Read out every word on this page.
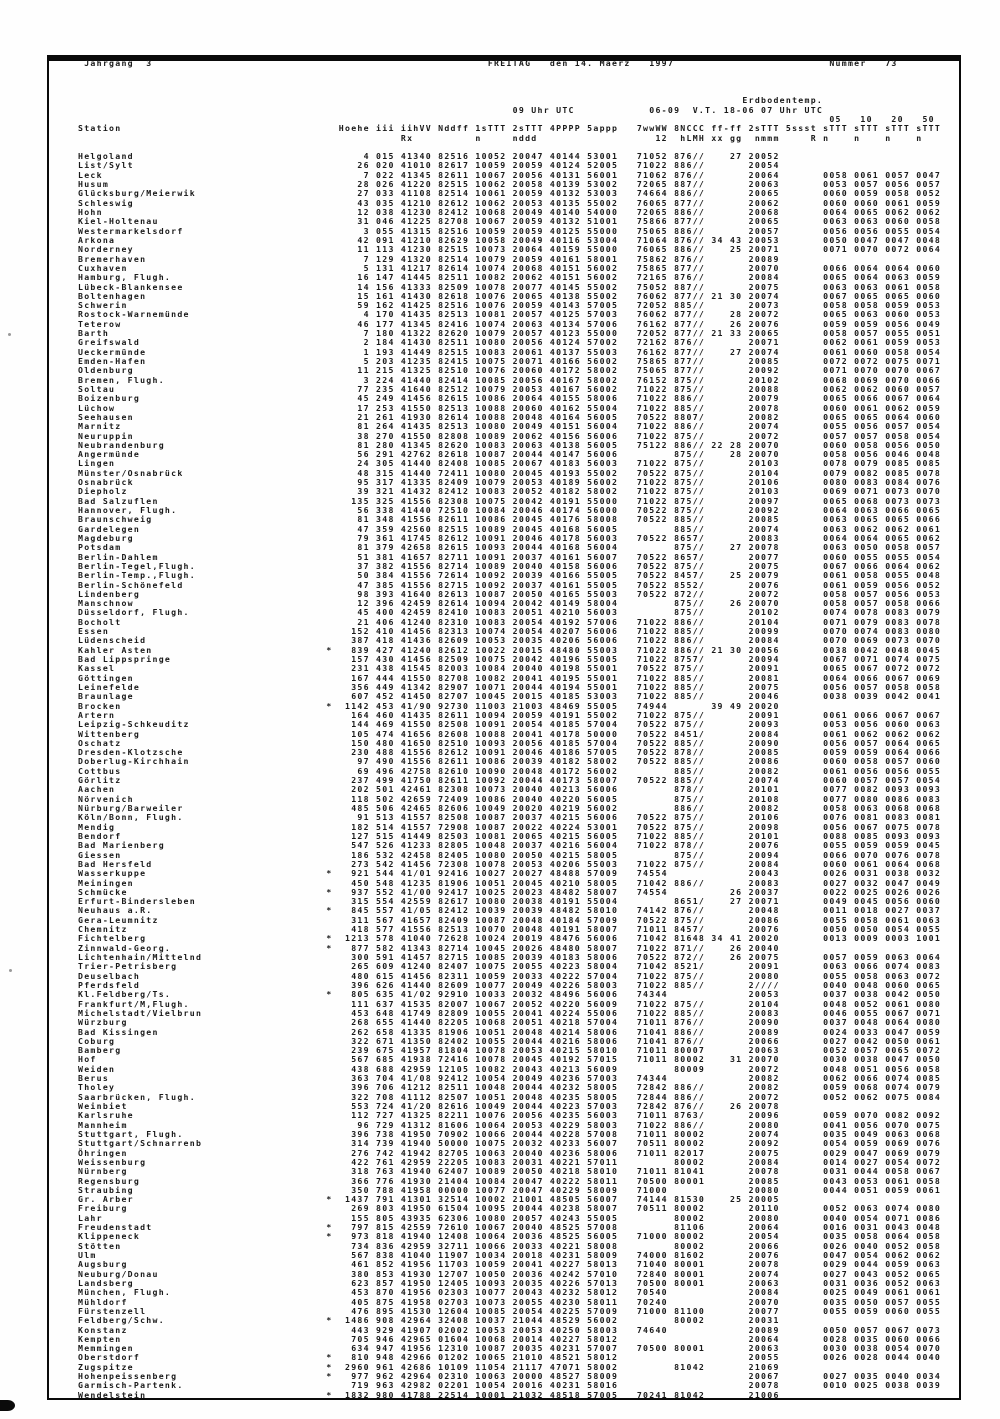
Jahrgang  3                                                      FREITAG   den 14. Maerz   1997                         Nummer   73

Erdbodentemp.
09 Uhr UTC            06-09  V.T. 18-06 07 Uhr UTC
05   10   20   50
Station                                   Hoehe iii iihVV Nddff 1sTTT 2sTTT 4PPPP 5appp   7wwWW 8NCCC ff-ff 2sTTT 5ssst sTTT sTTT sTTT sTTT
Rx          n     nddd                   12  hLMH xx gg  nmmm     R n    n    n    n

Helgoland                                     4 015 41340 82516 10052 20047 40144 53001   71052 876//    27 20052
List/Sylt                                    26 020 41010 82617 10059 20059 40124 52005   71022 886//       20054
Leck                                          7 022 41345 82611 10067 20056 40131 56001   71062 876//       20064       0058 0061 0057 0047
Husum                                        28 026 41220 82515 10062 20058 40139 53002   72065 887//       20063       0053 0057 0056 0057
Glücksburg/Meierwik                          27 033 41108 82514 10061 20059 40132 53003   74664 886//       20065       0060 0059 0058 0052
Schleswig                                    43 035 41210 82612 10062 20053 40135 55002   76065 877//       20062       0060 0060 0061 0059
Hohn                                         12 038 41230 82412 10068 20049 40140 54000   72065 886//       20068       0064 0065 0062 0062
Kiel-Holtenau                                31 046 41225 82708 10067 20059 40132 51001   75866 877//       20065       0063 0063 0060 0058
Westermarkelsdorf                             3 055 41315 82516 10059 20059 40125 55000   75065 886//       20057       0056 0056 0055 0054
Arkona                                       42 091 41210 82629 10058 20049 40116 53004   71064 876// 34 43 20053       0050 0047 0047 0048
Norderney                                    11 113 41230 82515 10073 20064 40159 55000   76065 886//    25 20071       0071 0070 0072 0064
Bremerhaven                                   7 129 41320 82514 10079 20059 40161 58001   75862 876//       20089
Cuxhaven                                      5 131 41217 82614 10074 20068 40151 56002   75865 877//       20070       0066 0064 0064 0060
Hamburg, Flugh.                              16 147 41445 82511 10082 20062 40151 56002   72165 876//       20084       0065 0064 0063 0059
Lübeck-Blankensee                            14 156 41333 82509 10078 20077 40145 55002   75052 887//       20075       0063 0063 0061 0058
Boltenhagen                                  15 161 41430 82618 10076 20065 40138 55002   76062 877// 21 30 20074       0067 0065 0065 0060
Schwerin                                     59 162 41425 82516 10076 20059 40143 57005   72052 885//       20073       0058 0058 0059 0053
Rostock-Warnemünde                            4 170 41435 82513 10081 20057 40125 57003   76062 877//    28 20072       0065 0063 0060 0053
Teterow                                      46 177 41345 82416 10074 20063 40134 57006   76162 877//    26 20076       0059 0059 0056 0049
Barth                                         7 180 41322 82620 10079 20057 40123 55000   72052 877// 21 33 20065       0058 0057 0055 0051
Greifswald                                    2 184 41430 82511 10080 20056 40124 57002   72162 876//       20071       0062 0061 0059 0053
Ueckermünde                                   1 193 41449 82515 10083 20061 40137 55003   76162 877//    27 20074       0061 0060 0058 0054
Emden-Hafen                                   5 203 41235 82415 10075 20071 40166 56002   75865 877//       20085       0072 0072 0075 0071
Oldenburg                                    11 215 41325 82510 10076 20060 40172 58002   75065 877//       20092       0071 0070 0070 0067
Bremen, Flugh.                                3 224 41440 82414 10085 20056 40167 58002   76152 875//       20102       0068 0069 0070 0066
Soltau                                       77 235 41640 82512 10079 20053 40167 56002   71022 875//       20088       0062 0062 0060 0057
Boizenburg                                   45 249 41456 82615 10086 20064 40155 58006   71022 886//       20079       0065 0066 0067 0064
Lüchow                                       17 253 41550 82513 10088 20060 40162 55004   71022 885//       20078       0060 0061 0062 0059
Seehausen                                    21 261 41930 82614 10088 20048 40164 56005   70522 8807/       20082       0065 0065 0064 0060
Marnitz                                      81 264 41435 82513 10080 20049 40151 56004   71022 886//       20074       0055 0056 0057 0054
Neuruppin                                    38 270 41550 82808 10089 20062 40156 56006   71022 875//       20072       0057 0057 0058 0054
Neubrandenburg                               81 280 41345 82620 10083 20063 40138 56005   75122 886// 22 28 20070       0060 0058 0056 0050
Angermünde                                   56 291 42762 82618 10087 20044 40147 56006         875//    28 20070       0058 0056 0046 0048
Lingen                                       24 305 41440 82408 10085 20067 40183 56003   71022 875//       20103       0078 0079 0085 0085
Münster/Osnabrück                            48 315 41440 72411 10080 20045 40193 55002   70522 875//       20104       0079 0082 0085 0078
Osnabrück                                    95 317 41335 82409 10079 20053 40189 56002   71022 875//       20106       0080 0083 0084 0076
Diepholz                                     39 321 41432 82412 10083 20052 40182 58002   71022 875//       20103       0069 0071 0073 0070
Bad Salzuflen                               135 325 41556 82308 10075 20042 40191 55000   71022 875//       20097       0065 0068 0073 0073
Hannover, Flugh.                             56 338 41440 72510 10084 20046 40174 56000   70522 875//       20092       0064 0063 0066 0065
Braunschweig                                 81 348 41556 82611 10086 20045 40176 58008   70522 885//       20085       0063 0065 0065 0066
Gardelegen                                   47 359 42560 82515 10089 20045 40168 56005         885//       20074       0063 0062 0062 0061
Magdeburg                                    79 361 41745 82612 10091 20046 40178 56003   70522 8657/       20083       0064 0064 0065 0062
Potsdam                                      81 379 42658 82615 10093 20044 40168 56004         875//    27 20078       0063 0050 0058 0057
Berlin-Dahlem                                51 381 41657 82711 10091 20037 40161 56007   70522 8657/       20077       0060 0055 0055 0054
Berlin-Tegel,Flugh.                          37 382 41556 82714 10089 20040 40158 56006   70522 875//       20075       0067 0066 0064 0062
Berlin-Temp.,Flugh.                          50 384 41556 72614 10092 20039 40166 55005   70522 8457/    25 20079       0061 0058 0055 0048
Berlin-Schönefeld                            47 385 41556 82715 10092 20037 40161 55005   70522 8552/       20076       0061 0059 0056 0052
Lindenberg                                   98 393 41640 82613 10087 20050 40165 55003   70522 872//       20072       0058 0057 0056 0053
Manschnow                                    12 396 42459 82614 10094 20042 40149 58004         875//    26 20070       0058 0057 0058 0066
Düsseldorf, Flugh.                           45 400 42459 82410 10083 20051 40210 56003         875//       20102       0074 0078 0083 0079
Bocholt                                      21 406 41240 82310 10083 20054 40192 57006   71022 886//       20104       0071 0079 0083 0078
Essen                                       152 410 41456 82313 10074 20054 40207 56006   71022 885//       20099       0070 0074 0083 0080
Lüdenscheid                                 387 418 41436 82609 10053 20035 40206 56006   71022 886//       20084       0070 0069 0073 0070
Kahler Asten                            *   839 427 41240 82612 10022 20015 48480 55003   71022 886// 21 30 20056       0038 0042 0048 0045
Bad Lippspringe                             157 430 41456 82509 10075 20042 40196 55005   71022 8757/       20094       0067 0071 0074 0075
Kassel                                      231 438 41545 82003 10084 20040 40198 55001   70522 875//       20091       0065 0067 0072 0072
Göttingen                                   167 444 41550 82708 10082 20041 40195 55001   71022 885//       20081       0064 0066 0067 0069
Leinefelde                                  356 449 41342 82907 10071 20044 40194 55001   71022 885//       20075       0056 0057 0058 0058
Braunlage                                   607 452 41450 82707 10045 20015 40185 53003   71022 885//       20046       0038 0039 0042 0041
Brocken                                 *  1142 453 41/90 92730 11003 21003 48469 55005   74944       39 49 20020
Artern                                      164 460 41435 82611 10094 20059 40191 55002   71022 875//       20091       0061 0066 0067 0067
Leipzig-Schkeuditz                          144 469 41550 82508 10091 20054 40185 57004   70522 875//       20093       0053 0056 0060 0063
Wittenberg                                  105 474 41656 82608 10088 20041 40178 50000   70522 8451/       20084       0061 0062 0062 0062
Oschatz                                     150 480 41650 82510 10093 20056 40185 57004   70522 885//       20090       0056 0057 0064 0065
Dresden-Klotzsche                           230 488 41556 82612 10091 20046 40186 57005   70522 878//       20085       0059 0059 0064 0066
Doberlug-Kirchhain                           97 490 41556 82611 10086 20039 40182 58002   70522 885//       20086       0060 0058 0057 0060
Cottbus                                      69 496 42758 82610 10090 20048 40172 56002         885//       20082       0061 0056 0056 0055
Görlitz                                     237 499 41750 82611 10092 20044 40173 58007   70522 885//       20074       0060 0057 0057 0054
Aachen                                      202 501 42461 82308 10073 20040 40213 56006         878//       20101       0077 0082 0093 0093
Nörvenich                                   118 502 42659 72409 10086 20040 40220 56005         875//       20108       0077 0080 0086 0083
Nürburg/Barweiler                           485 506 42465 82606 10049 20020 40219 56002         886//       20082       0058 0063 0068 0068
Köln/Bonn, Flugh.                            91 513 41557 82508 10087 20037 40215 56006   70522 875//       20106       0076 0081 0083 0081
Mendig                                      182 514 41557 72908 10087 20022 40224 53001   70522 875//       20098       0056 0067 0075 0078
Bendorf                                     127 515 41449 82503 10081 20065 40215 56005   71022 885//       20101       0088 0085 0093 0093
Bad Marienberg                              547 526 41233 82805 10048 20037 40216 56004   71022 878//       20076       0055 0059 0059 0045
Giessen                                     186 532 42458 82405 10080 20050 40215 58005         875//       20094       0066 0070 0076 0078
Bad Hersfeld                                273 542 41456 72308 10078 20053 40206 55003   71022 875//       20084       0060 0061 0064 0068
Wasserkuppe                             *   921 544 41/01 92416 10027 20027 48488 57009   74554             20043       0026 0031 0038 0032
Meiningen                                   450 548 41235 81906 10051 20045 40210 58005   71042 886//       20083       0027 0032 0047 0049
Schmücke                                *   937 552 41/00 92417 10025 20023 48482 58007   74554          26 20037       0022 0025 0026 0026
Erfurt-Bindersleben                         315 554 42559 82617 10080 20038 40191 55004         8651/    27 20071       0049 0045 0056 0060
Neuhaus a.R.                            *   845 557 41/05 82412 10039 20039 48482 58010   74142 876//       20048       0011 0018 0027 0037
Gera-Leumnitz                               311 567 41657 82409 10087 20048 40184 57009   70522 875//       20086       0055 0058 0061 0063
Chemnitz                                    418 577 41556 82513 10070 20048 40191 58007   71011 8457/       20076       0050 0050 0054 0055
Fichtelberg                             *  1213 578 41040 72628 10024 20019 48476 56006   71042 81648 34 41 20020       0013 0009 0003 1001
Zinnwald-Georg.                         *   877 582 41343 82714 10045 20026 48480 58007   71022 871//    26 20040
Lichtenhain/Mittelnd                        300 591 41457 82715 10085 20039 40183 58006   70522 872//    26 20075       0057 0059 0063 0064
Trier-Petrisberg                            265 609 41240 82407 10075 20055 40223 58004   71042 8521/       20091       0063 0066 0074 0083
Deuselbach                                  480 615 41456 82311 10059 20033 40222 57004   71022 875//       20080       0055 0058 0063 0072
Pferdsfeld                                  396 626 41440 82609 10077 20049 40226 58003   71022 885//       2////       0040 0048 0060 0065
Kl.Feldberg/Ts.                         *   805 635 41/02 92910 10033 20032 48496 56006   74344             20053       0037 0038 0042 0050
Frankfurt/M,Flugh.                          111 637 41535 82007 10067 20052 40220 56009   71022 875//       20104       0048 0052 0061 0080
Michelstadt/Vielbrun                        453 648 41749 82809 10055 20041 40224 55006   71022 885//       20083       0046 0055 0067 0071
Würzburg                                    268 655 41440 82205 10068 20051 40218 57004   71011 876//       20090       0037 0048 0064 0080
Bad Kissingen                               262 658 41335 81906 10051 20048 40214 58006   71041 886//       20089       0024 0033 0047 0059
Coburg                                      322 671 41350 82402 10055 20044 40216 58006   71041 876//       20066       0027 0042 0050 0061
Bamberg                                     239 675 41957 81804 10078 20053 40215 58010   71011 80007       20063       0052 0057 0065 0072
Hof                                         567 685 41938 72416 10078 20045 40192 57015   71011 80002    31 20070       0030 0038 0047 0050
Weiden                                      438 688 42959 12105 10082 20043 40213 56009         80009       20072       0048 0051 0056 0058
Berus                                       363 704 41/08 92412 10054 20049 40236 57003   74344             20082       0062 0066 0074 0085
Tholey                                      396 706 41212 82511 10048 20044 40232 58005   72842 886//       20082       0059 0068 0074 0079
Saarbrücken, Flugh.                         322 708 41112 82507 10051 20048 40235 58005   72844 886//       20072       0052 0062 0075 0084
Weinbiet                                    553 724 41/20 82616 10049 20044 40223 57003   72842 876//    26 20078
Karlsruhe                                   112 727 41325 82211 10076 20056 40235 56003   71011 8763/       20096       0059 0070 0082 0092
Mannheim                                     96 729 41312 81606 10064 20053 40229 58003   71022 886//       20080       0041 0056 0070 0075
Stuttgart, Flugh.                           396 738 41950 70902 10066 20044 40228 57008   71011 80002       20074       0035 0049 0063 0068
Stuttgart/Schnarrenb                        314 739 41940 50000 10075 20032 40233 56007   70511 80002       20092       0054 0059 0069 0076
Öhringen                                    276 742 41942 82705 10063 20040 40236 58006   71011 82017       20075       0029 0047 0069 0079
Weissenburg                                 422 761 42959 22205 10083 20031 40221 57011         80002       20084       0014 0027 0054 0072
Nürnberg                                    318 763 41940 62407 10089 20050 40218 58010   71011 81041       20078       0031 0044 0058 0067
Regensburg                                  366 776 41930 21404 10084 20047 40222 58011   70500 80001       20085       0043 0053 0061 0058
Straubing                                   350 788 41958 00000 10077 20047 40229 58009   71000             20080       0044 0051 0059 0061
Gr. Arber                               *  1437 791 41301 32514 10002 21001 48505 56007   74144 81530    25 20005
Freiburg                                    269 803 41950 61504 10095 20044 40238 58007   70511 80002       20110       0052 0063 0074 0080
Lahr                                        155 805 43935 62306 10080 20057 40243 55005         80002       20080       0040 0054 0071 0086
Freudenstadt                            *   797 815 42559 72610 10067 20040 48525 57008         81106       20064       0016 0031 0043 0048
Klippeneck                              *   973 818 41940 12408 10064 20036 48525 56005   71000 80002       20054       0035 0058 0064 0058
Stötten                                     734 836 42959 32711 10066 20033 40221 58008         80002       20066       0026 0040 0052 0058
Ulm                                         567 838 41040 11907 10034 20018 40231 58009   74000 81602       20076       0047 0054 0062 0062
Augsburg                                    461 852 41956 11703 10059 20041 40227 58013   71040 80001       20078       0029 0044 0059 0063
Neuburg/Donau                               380 853 41930 12707 10050 20036 40242 57010   72840 80001       20074       0027 0043 0052 0065
Landsberg                                   623 857 41950 12405 10093 20035 40226 57013   70500 80001       20063       0031 0036 0052 0063
München, Flugh.                             453 870 41956 02303 10077 20043 40232 58012   70540             20084       0025 0049 0061 0061
Mühldorf                                    405 875 41958 02703 10073 20055 40230 58011   70240             20070       0035 0050 0057 0055
Fürstenzell                                 476 895 41530 12604 10085 20054 40225 57009   71000 81100       20077       0055 0059 0060 0055
Feldberg/Schw.                          *  1486 908 42964 32408 10037 21044 48529 56002         80002       20031
Konstanz                                    443 929 41907 02002 10053 20053 40250 58003   74640             20089       0050 0057 0067 0073
Kempten                                     705 946 42965 01604 10068 20014 40227 58012                     20064       0028 0035 0060 0066
Memmingen                                   634 947 41956 12310 10087 20035 40231 57007   70500 80001       20063       0030 0038 0054 0070
Oberstdorf                              *   810 948 42966 01202 10065 21010 48521 58012                     20055       0026 0028 0044 0040
Zugspitze                               *  2960 961 42686 10109 11054 21117 47071 58002         81042       21069
Hohenpeissenberg                        *   977 962 42964 02310 10063 20000 48527 58009                     20067       0027 0035 0040 0034
Garmisch-Partenk.                           719 963 42982 02201 10054 20016 40231 58016                     20078       0010 0025 0038 0039
Wendelstein                             *  1832 980 41788 22514 10001 21032 48518 57005   70241 81042       21006
